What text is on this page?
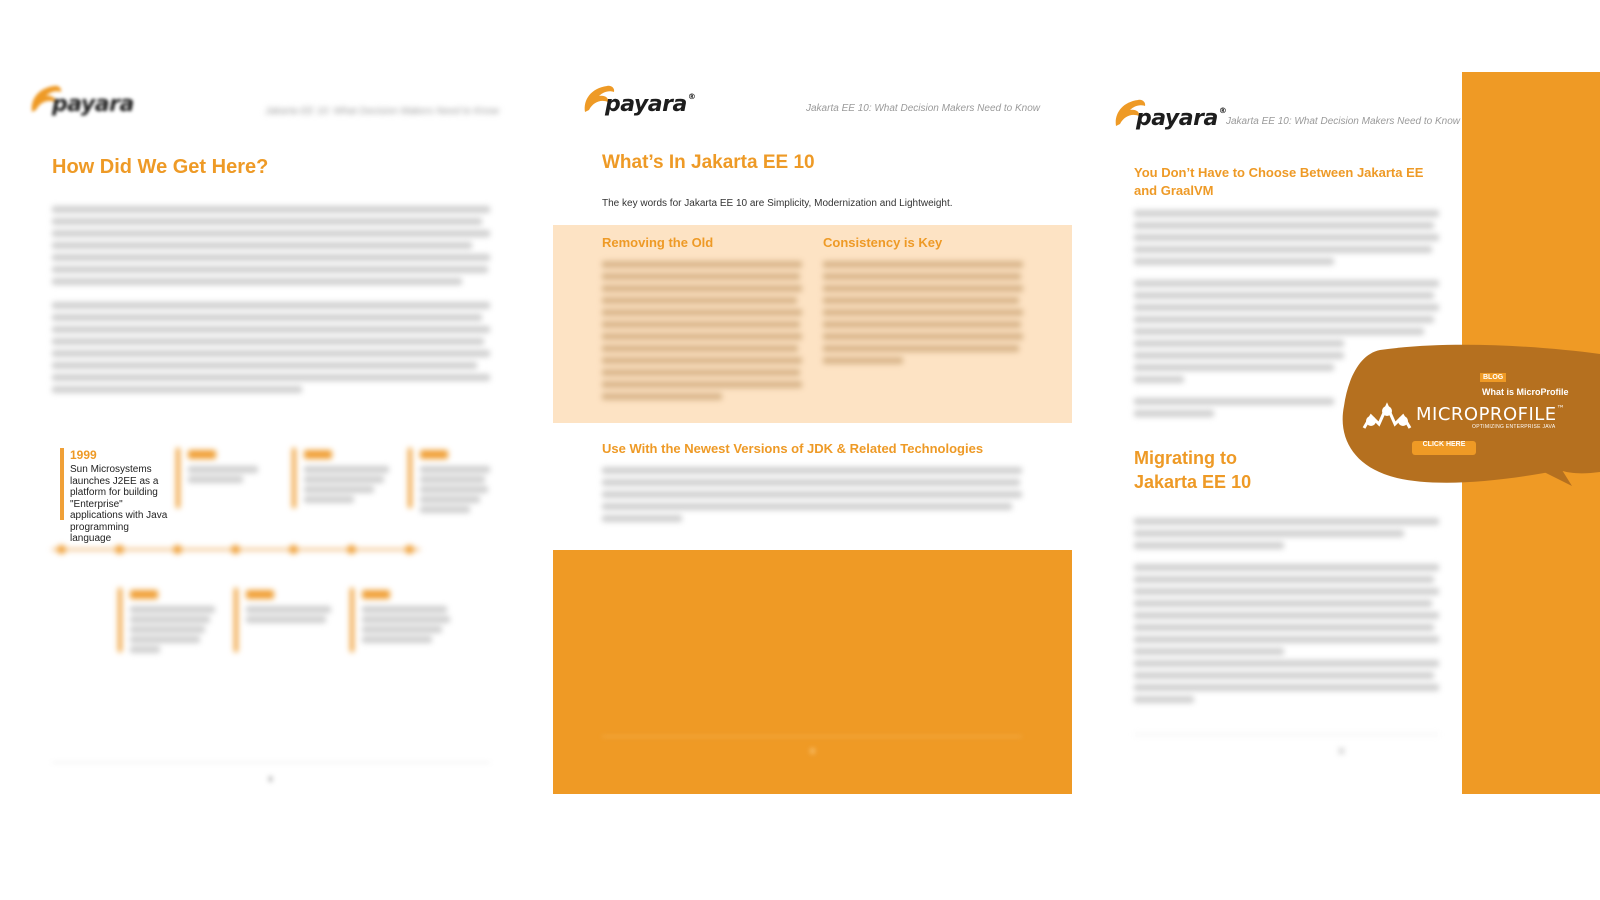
payara	Jakarta EE 10: What Decision Makers Need to Know
How Did We Get Here?
1999
Sun Microsystems launches J2EE as a platform for building "Enterprise" applications with Java programming language
payara®
Jakarta EE 10: What Decision Makers Need to Know
What’s In Jakarta EE 10
The key words for Jakarta EE 10 are Simplicity, Modernization and Lightweight.
Removing the Old	Consistency is Key
Use With the Newest Versions of JDK & Related Technologies
payara®
Jakarta EE 10: What Decision Makers Need to Know
You Don’t Have to Choose Between Jakarta EE and GraalVM
Migrating to Jakarta EE 10
BLOG
What is MicroProfile
MICROPROFILE™
OPTIMIZING ENTERPRISE JAVA
CLICK HERE
